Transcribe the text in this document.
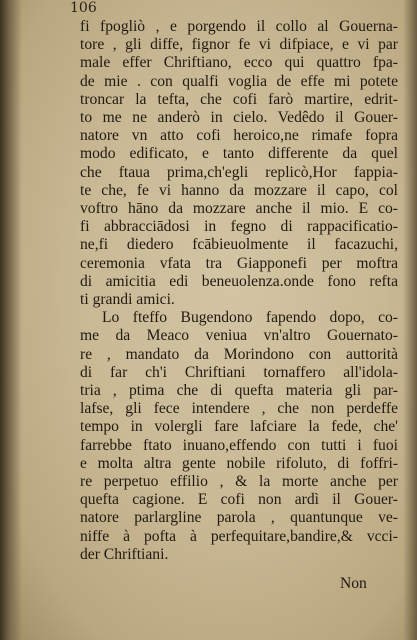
106
fi fpogliò , e porgendo il collo al Gouerna-
tore , gli diffe, fignor fe vi difpiace, e vi par
male effer Chriftiano, ecco qui quattro fpa-
de mie . con qualfi voglia de effe mi potete
troncar la tefta, che cofi farò martire, edrit-
to me ne anderò in cielo. Vedêdo il Gouer-
natore vn atto cofi heroico,ne rimafe fopra
modo edificato, e tanto differente da quel
che ftaua prima,ch'egli replicò,Hor fappia-
te che, fe vi hanno da mozzare il capo, col
voftro hāno da mozzare anche il mio. E co-
fi abbracciādosi in fegno di rappacificatio-
ne,fi diedero fcābieuolmente il facazuchi,
ceremonia vfata tra Giapponefi per moftra
di amicitia edi beneuolenza.onde fono refta
ti grandi amici.
Lo fteffo Bugendono fapendo dopo, co-
me da Meaco veniua vn'altro Gouernato-
re , mandato da Morindono con auttorità
di far ch'i Chriftiani tornaffero all'idola-
tria , ptima che di quefta materia gli par-
lafse, gli fece intendere , che non perdeffe
tempo in volergli fare lafciare la fede, che'
farrebbe ftato inuano,effendo con tutti i fuoi
e molta altra gente nobile rifoluto, di foffri-
re perpetuo effilio , & la morte anche per
quefta cagione. E cofi non ardì il Gouer-
natore parlargline parola , quantunque ve-
niffe à pofta à perfequitare,bandire,& vcci-
der Chriftiani.
Non
